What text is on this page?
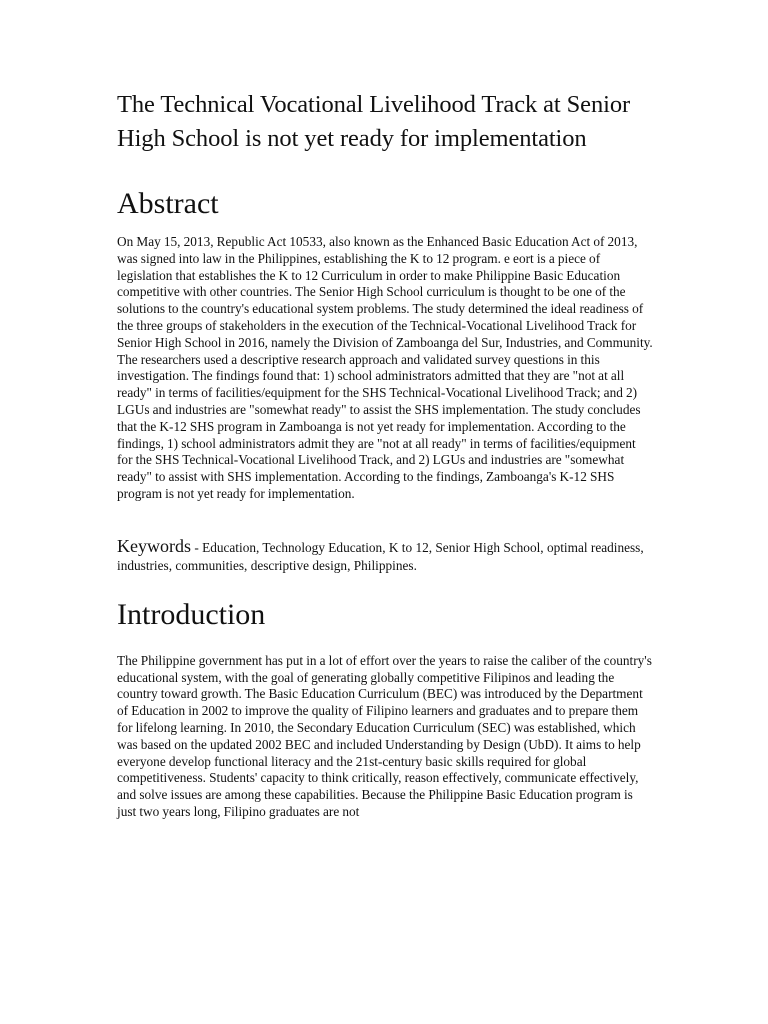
The Technical Vocational Livelihood Track at Senior High School is not yet ready for implementation
Abstract

On May 15, 2013, Republic Act 10533, also known as the Enhanced Basic Education Act of 2013, was signed into law in the Philippines, establishing the K to 12 program. e eort is a piece of legislation that establishes the K to 12 Curriculum in order to make Philippine Basic Education competitive with other countries. The Senior High School curriculum is thought to be one of the solutions to the country's educational system problems. The study determined the ideal readiness of the three groups of stakeholders in the execution of the Technical-Vocational Livelihood Track for Senior High School in 2016, namely the Division of Zamboanga del Sur, Industries, and Community. The researchers used a descriptive research approach and validated survey questions in this investigation. The findings found that: 1) school administrators admitted that they are "not at all ready" in terms of facilities/equipment for the SHS Technical-Vocational Livelihood Track; and 2) LGUs and industries are "somewhat ready" to assist the SHS implementation. The study concludes that the K-12 SHS program in Zamboanga is not yet ready for implementation. According to the findings, 1) school administrators admit they are "not at all ready" in terms of facilities/equipment for the SHS Technical-Vocational Livelihood Track, and 2) LGUs and industries are "somewhat ready" to assist with SHS implementation. According to the findings, Zamboanga's K-12 SHS program is not yet ready for implementation.

Keywords - Education, Technology Education, K to 12, Senior High School, optimal readiness, industries, communities, descriptive design, Philippines.

Introduction

The Philippine government has put in a lot of effort over the years to raise the caliber of the country's educational system, with the goal of generating globally competitive Filipinos and leading the country toward growth. The Basic Education Curriculum (BEC) was introduced by the Department of Education in 2002 to improve the quality of Filipino learners and graduates and to prepare them for lifelong learning. In 2010, the Secondary Education Curriculum (SEC) was established, which was based on the updated 2002 BEC and included Understanding by Design (UbD). It aims to help everyone develop functional literacy and the 21st-century basic skills required for global competitiveness. Students' capacity to think critically, reason effectively, communicate effectively, and solve issues are among these capabilities. Because the Philippine Basic Education program is just two years long, Filipino graduates are not
